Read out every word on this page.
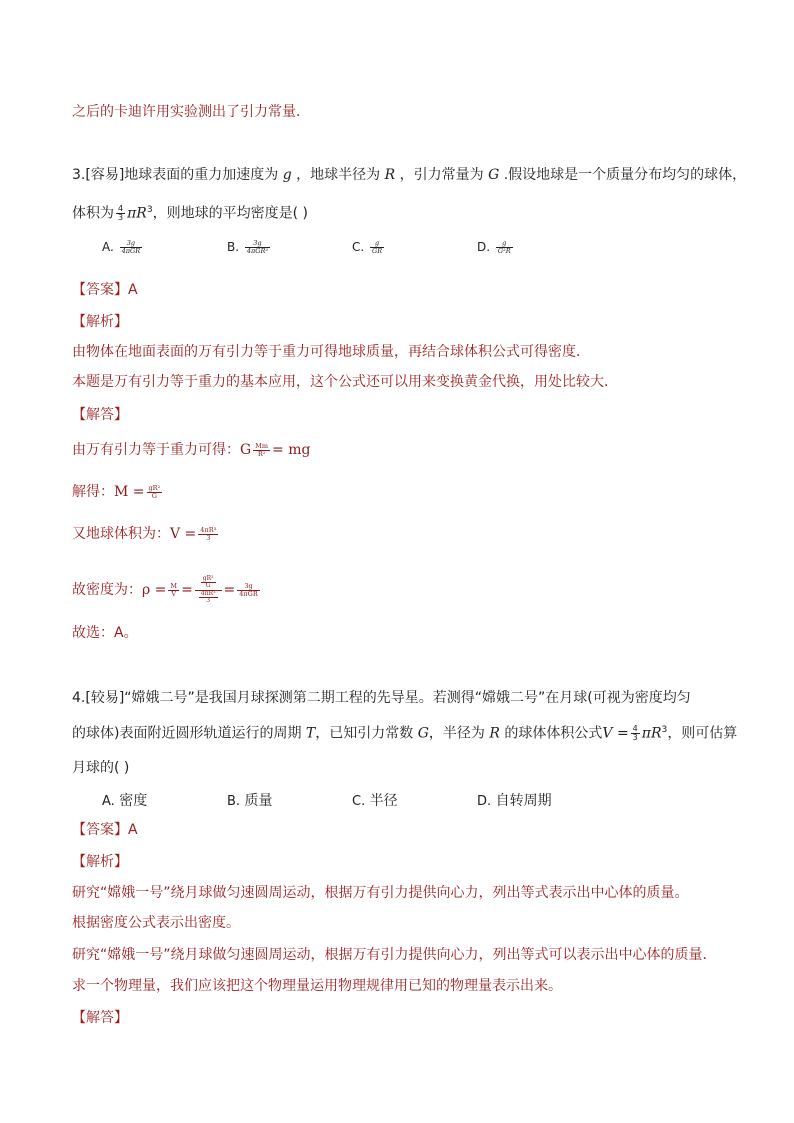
之后的卡迪许用实验测出了引力常量．
3.[容易]地球表面的重力加速度为 g ，地球半径为 R ，引力常量为 G .假设地球是一个质量分布均匀的球体，
体积为 $\frac{4}{3} \pi R^3$，则地球的平均密度是( )
A. $\frac{3g}{\text{4πGR}}$	B. $\frac{3g}{\text{4πGR²}}$	C. $\frac{g}{GR}$	D. $\frac{g}{\text{G²R}}$
【答案】A
【解析】
由物体在地面表面的万有引力等于重力可得地球质量，再结合球体积公式可得密度．
本题是万有引力等于重力的基本应用，这个公式还可以用来变换黄金代换，用处比较大．
【解答】
由万有引力等于重力可得：G $\frac{Mm}{\text{R²}}$ = mg
解得：$M = \frac{\text{gR²}}{G}$
又地球体积为：$V = \frac{\text{4πR³}}{3}$
故密度为：$\rho = \frac{M}{V} = \frac{\frac{\text{gR²}}{G}}{\frac{\text{4πR³}}{3}} = \frac{3g}{\text{4πGR}}$
故选：A。
4.[较易]“嫦娥二号”是我国月球探测第二期工程的先导星。若测得“嫦娥二号”在月球(可视为密度均匀
的球体)表面附近圆形轨道运行的周期 T，已知引力常数 G，半径为 R 的球体体积公式$V = \frac{4}{3} \pi R^3$，则可估算
月球的( )
A. 密度	B. 质量	C. 半径	D. 自转周期
【答案】A
【解析】
研究“嫦娥一号”绕月球做匀速圆周运动，根据万有引力提供向心力，列出等式表示出中心体的质量。
根据密度公式表示出密度。
研究“嫦娥一号”绕月球做匀速圆周运动，根据万有引力提供向心力，列出等式可以表示出中心体的质量．
求一个物理量，我们应该把这个物理量运用物理规律用已知的物理量表示出来。
【解答】
